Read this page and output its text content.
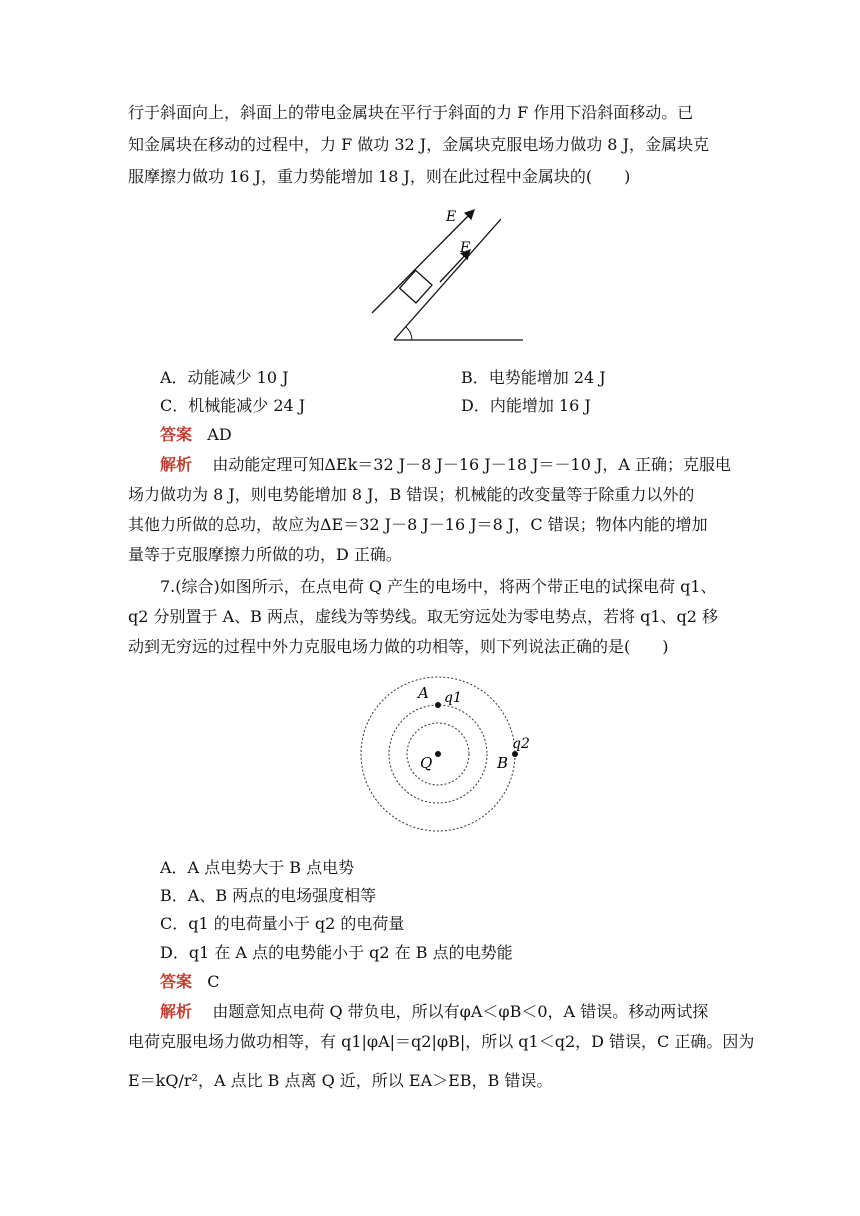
行于斜面向上，斜面上的带电金属块在平行于斜面的力 F 作用下沿斜面移动。已
知金属块在移动的过程中，力 F 做功 32 J，金属块克服电场力做功 8 J，金属块克
服摩擦力做功 16 J，重力势能增加 18 J，则在此过程中金属块的(　　)
E
F
A．动能减少 10 J	B．电势能增加 24 J
C．机械能减少 24 J	D．内能增加 16 J
答案 AD
解析 由动能定理可知ΔEk＝32 J－8 J－16 J－18 J＝－10 J，A 正确；克服电
场力做功为 8 J，则电势能增加 8 J，B 错误；机械能的改变量等于除重力以外的
其他力所做的总功，故应为ΔE＝32 J－8 J－16 J＝8 J，C 错误；物体内能的增加
量等于克服摩擦力所做的功，D 正确。
7.(综合)如图所示，在点电荷 Q 产生的电场中，将两个带正电的试探电荷 q1、
q2 分别置于 A、B 两点，虚线为等势线。取无穷远处为零电势点，若将 q1、q2 移
动到无穷远的过程中外力克服电场力做的功相等，则下列说法正确的是(　　)
A q1
q2
B
Q
A．A 点电势大于 B 点电势
B．A、B 两点的电场强度相等
C．q1 的电荷量小于 q2 的电荷量
D．q1 在 A 点的电势能小于 q2 在 B 点的电势能
答案 C
解析 由题意知点电荷 Q 带负电，所以有φA＜φB＜0，A 错误。移动两试探
电荷克服电场力做功相等，有 q1|φA|＝q2|φB|，所以 q1＜q2，D 错误，C 正确。因为
E＝kQ/r²，A 点比 B 点离 Q 近，所以 EA＞EB，B 错误。
